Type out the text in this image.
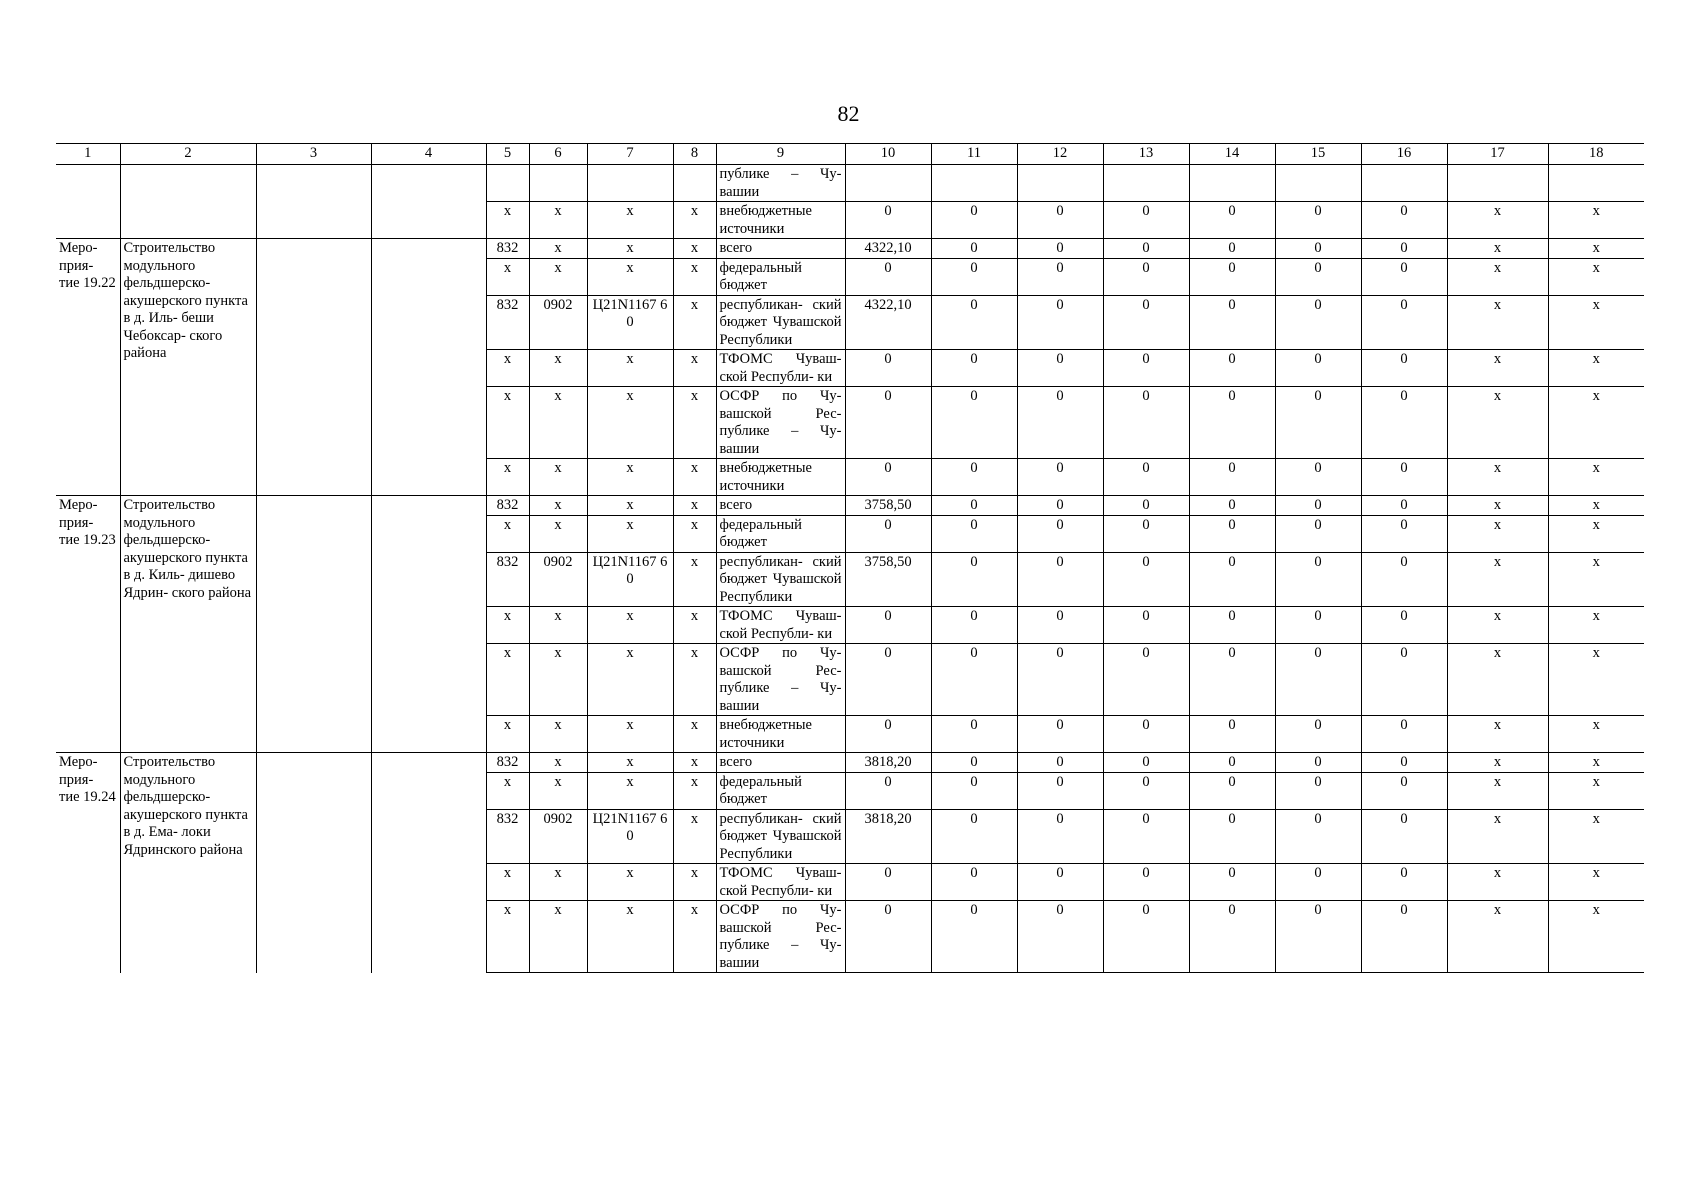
82
1	2	3	4	5	6	7	8	9	10	11	12	13	14	15	16	17	18
								публике – Чу- вашии									
				х	х	х	х	внебюджетные источники	0	0	0	0	0	0	0	х	х
Меро- прия- тие 19.22	Строительство модульного фельдшерско- акушерского пункта в д. Иль- беши Чебоксар- ского района			832	х	х	х	всего	4322,10	0	0	0	0	0	0	х	х
				х	х	х	х	федеральный бюджет	0	0	0	0	0	0	0	х	х
				832	0902	Ц21N1167 60	х	республикан- ский бюджет Чувашской Республики	4322,10	0	0	0	0	0	0	х	х
				х	х	х	х	ТФОМС Чуваш- ской Республи- ки	0	0	0	0	0	0	0	х	х
				х	х	х	х	ОСФР по Чу- вашской Рес- публике – Чу- вашии	0	0	0	0	0	0	0	х	х
				х	х	х	х	внебюджетные источники	0	0	0	0	0	0	0	х	х
Меро- прия- тие 19.23	Строительство модульного фельдшерско- акушерского пункта в д. Киль- дишево Ядрин- ского района			832	х	х	х	всего	3758,50	0	0	0	0	0	0	х	х
				х	х	х	х	федеральный бюджет	0	0	0	0	0	0	0	х	х
				832	0902	Ц21N1167 60	х	республикан- ский бюджет Чувашской Республики	3758,50	0	0	0	0	0	0	х	х
				х	х	х	х	ТФОМС Чуваш- ской Республи- ки	0	0	0	0	0	0	0	х	х
				х	х	х	х	ОСФР по Чу- вашской Рес- публике – Чу- вашии	0	0	0	0	0	0	0	х	х
				х	х	х	х	внебюджетные источники	0	0	0	0	0	0	0	х	х
Меро- прия- тие 19.24	Строительство модульного фельдшерско- акушерского пункта в д. Ема- локи Ядринского района			832	х	х	х	всего	3818,20	0	0	0	0	0	0	х	х
				х	х	х	х	федеральный бюджет	0	0	0	0	0	0	0	х	х
				832	0902	Ц21N1167 60	х	республикан- ский бюджет Чувашской Республики	3818,20	0	0	0	0	0	0	х	х
				х	х	х	х	ТФОМС Чуваш- ской Республи- ки	0	0	0	0	0	0	0	х	х
				х	х	х	х	ОСФР по Чу- вашской Рес- публике – Чу- вашии	0	0	0	0	0	0	0	х	х
